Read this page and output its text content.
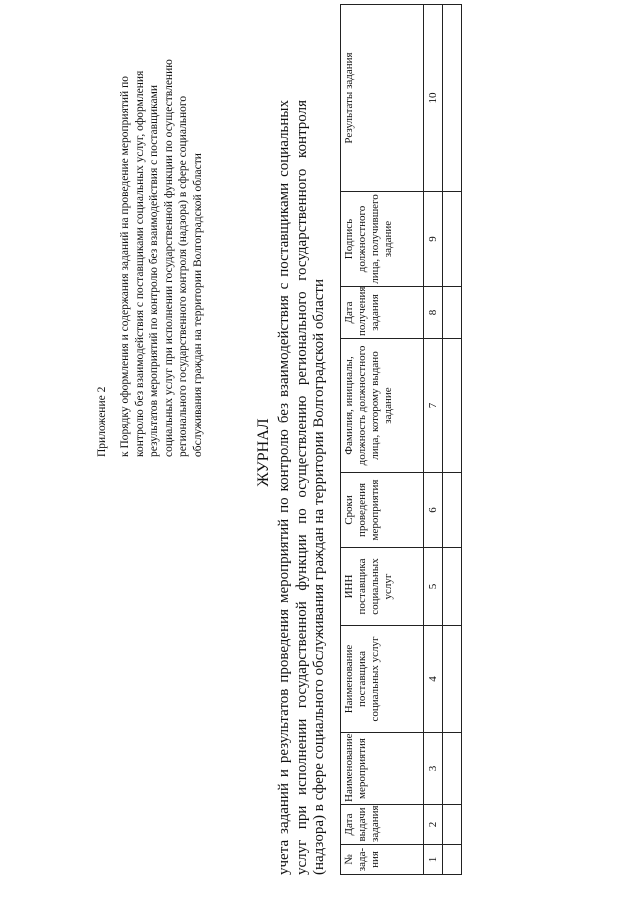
Приложение 2 к Порядку оформления и содержания заданий на проведение мероприятий по контролю без взаимодействия с поставщиками социальных услуг, оформления результатов мероприятий по контролю без взаимодействия с поставщиками социальных услуг при исполнении государственной функции по осуществлению регионального государственного контроля (надзора) в сфере социального обслуживания граждан на территории Волгоградской области	ЖУРНАЛ учета заданий и результатов проведения мероприятий по контролю без взаимодействия с поставщиками социальных услуг при исполнении государственной функции по осуществлению регионального государственного контроля (надзора) в сфере социального обслуживания граждан на территории Волгоградской области № зада-ния	Дата выдачи задания	Наименование мероприятия	Наименование поставщика социальных услуг	ИНН поставщика социальных услуг	Сроки проведения мероприятия	Фамилия, инициалы, должность должностного лица, которому выдано задание	Дата получения задания	Подпись должностного лица, получившего задание	Результаты задания
1	2	3	4	5	6	7	8	9	10
